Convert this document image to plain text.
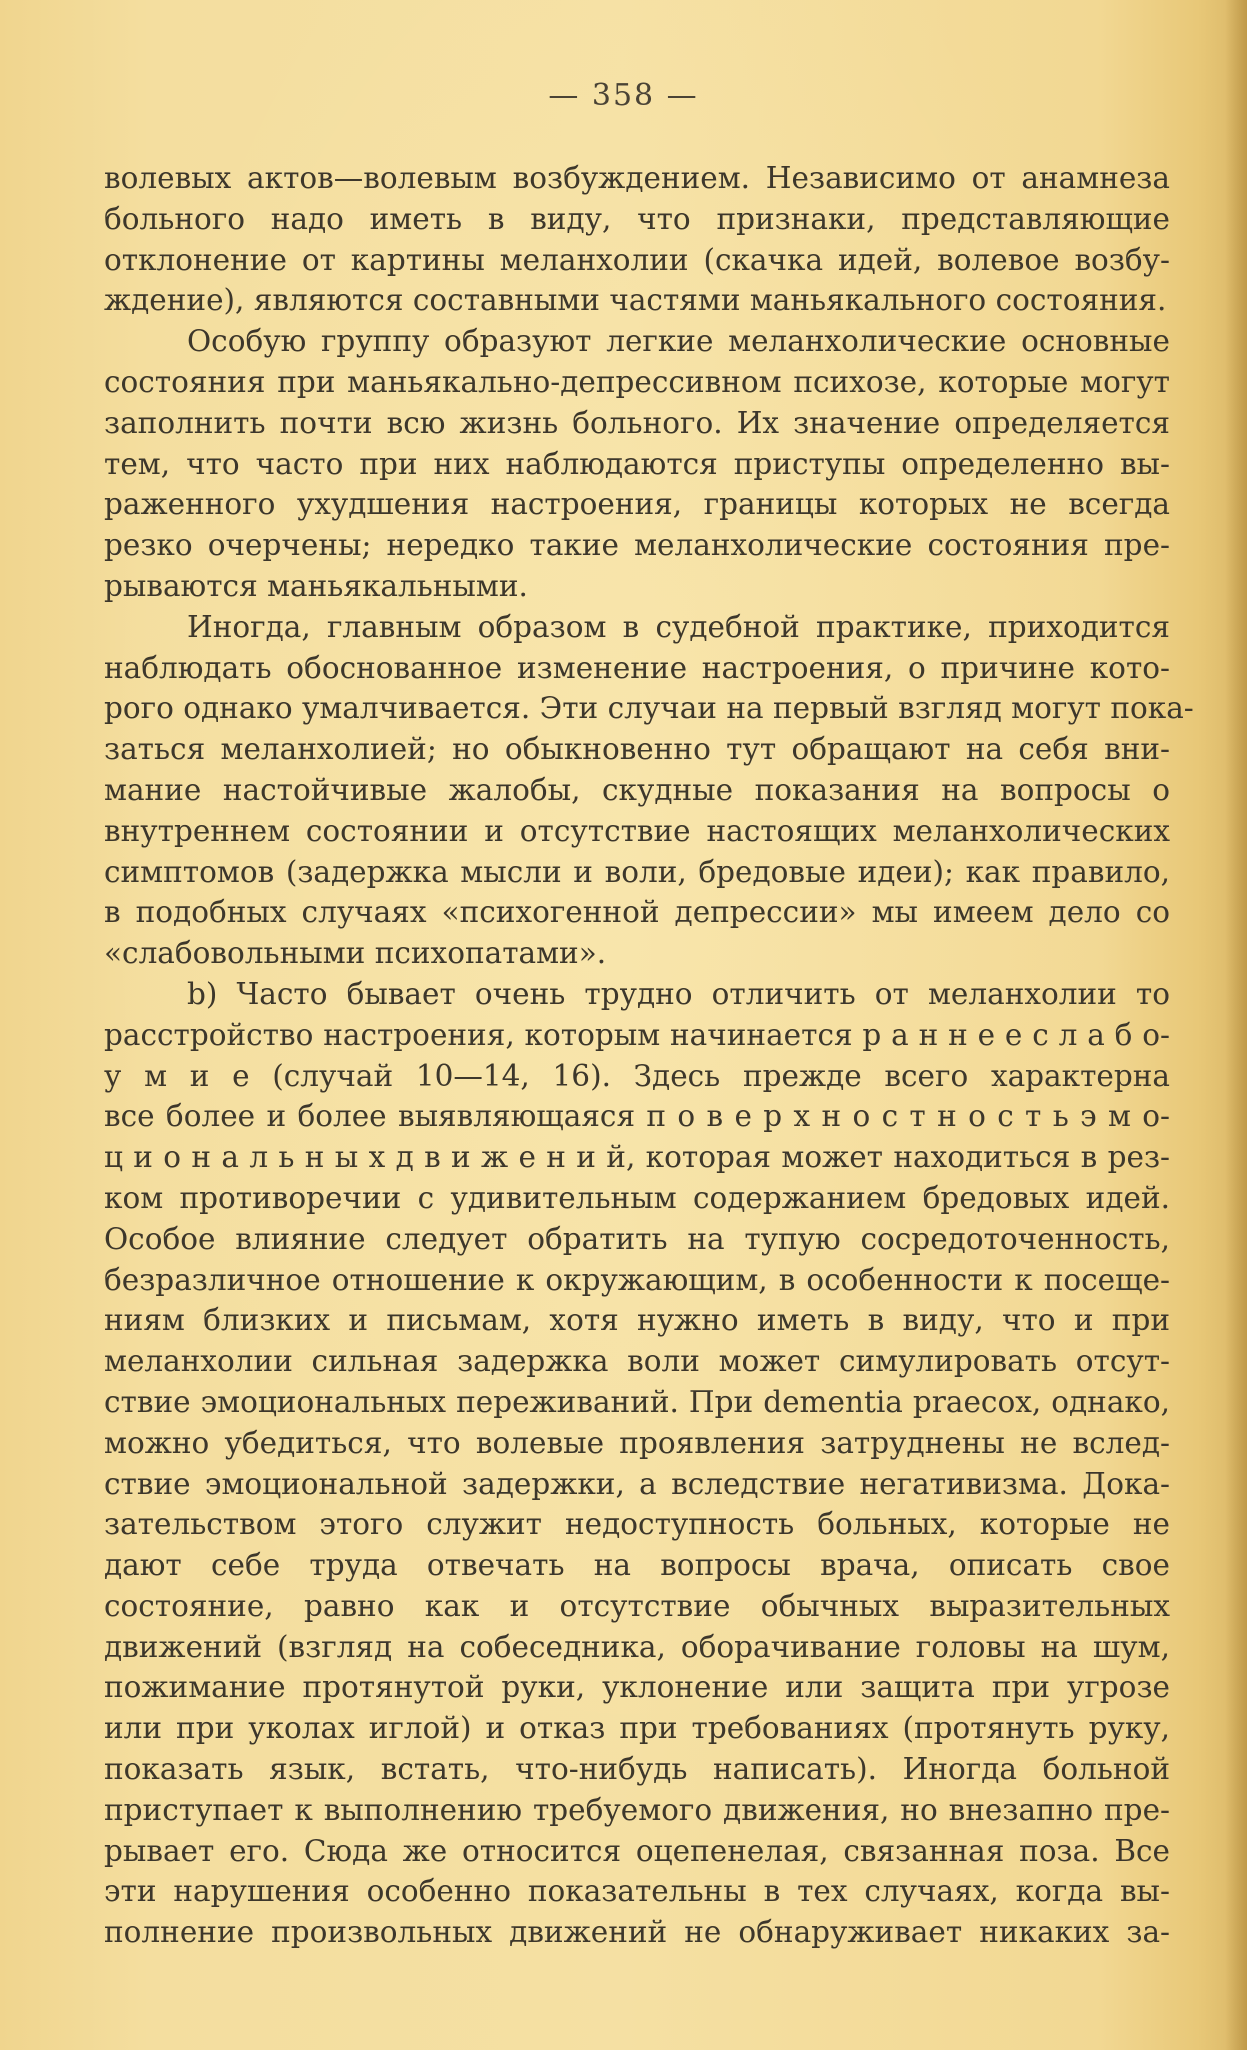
— 358 —
волевых актов—волевым возбуждением. Независимо от анамнеза
больного надо иметь в виду, что признаки, представляющие
отклонение от картины меланхолии (скачка идей, волевое возбу-
ждение), являются составными частями маньякального состояния.
Особую группу образуют легкие меланхолические основные
состояния при маньякально-депрессивном психозе, которые могут
заполнить почти всю жизнь больного. Их значение определяется
тем, что часто при них наблюдаются приступы определенно вы-
раженного ухудшения настроения, границы которых не всегда
резко очерчены; нередко такие меланхолические состояния пре-
рываются маньякальными.
Иногда, главным образом в судебной практике, приходится
наблюдать обоснованное изменение настроения, о причине кото-
рого однако умалчивается. Эти случаи на первый взгляд могут пока-
заться меланхолией; но обыкновенно тут обращают на себя вни-
мание настойчивые жалобы, скудные показания на вопросы о
внутреннем состоянии и отсутствие настоящих меланхолических
симптомов (задержка мысли и воли, бредовые идеи); как правило,
в подобных случаях «психогенной депрессии» мы имеем дело со
«слабовольными психопатами».
b) Часто бывает очень трудно отличить от меланхолии то
расстройство настроения, которым начинается р а н н е е с л а б о-
у м и е (случай 10—14, 16). Здесь прежде всего характерна
все более и более выявляющаяся п о в е р х н о с т н о с т ь э м о-
ц и о н а л ь н ы х д в и ж е н и й, которая может находиться в рез-
ком противоречии с удивительным содержанием бредовых идей.
Особое влияние следует обратить на тупую сосредоточенность,
безразличное отношение к окружающим, в особенности к посеще-
ниям близких и письмам, хотя нужно иметь в виду, что и при
меланхолии сильная задержка воли может симулировать отсут-
ствие эмоциональных переживаний. При dementia praecox, однако,
можно убедиться, что волевые проявления затруднены не вслед-
ствие эмоциональной задержки, а вследствие негативизма. Дока-
зательством этого служит недоступность больных, которые не
дают себе труда отвечать на вопросы врача, описать свое
состояние, равно как и отсутствие обычных выразительных
движений (взгляд на собеседника, оборачивание головы на шум,
пожимание протянутой руки, уклонение или защита при угрозе
или при уколах иглой) и отказ при требованиях (протянуть руку,
показать язык, встать, что-нибудь написать). Иногда больной
приступает к выполнению требуемого движения, но внезапно пре-
рывает его. Сюда же относится оцепенелая, связанная поза. Все
эти нарушения особенно показательны в тех случаях, когда вы-
полнение произвольных движений не обнаруживает никаких за-
